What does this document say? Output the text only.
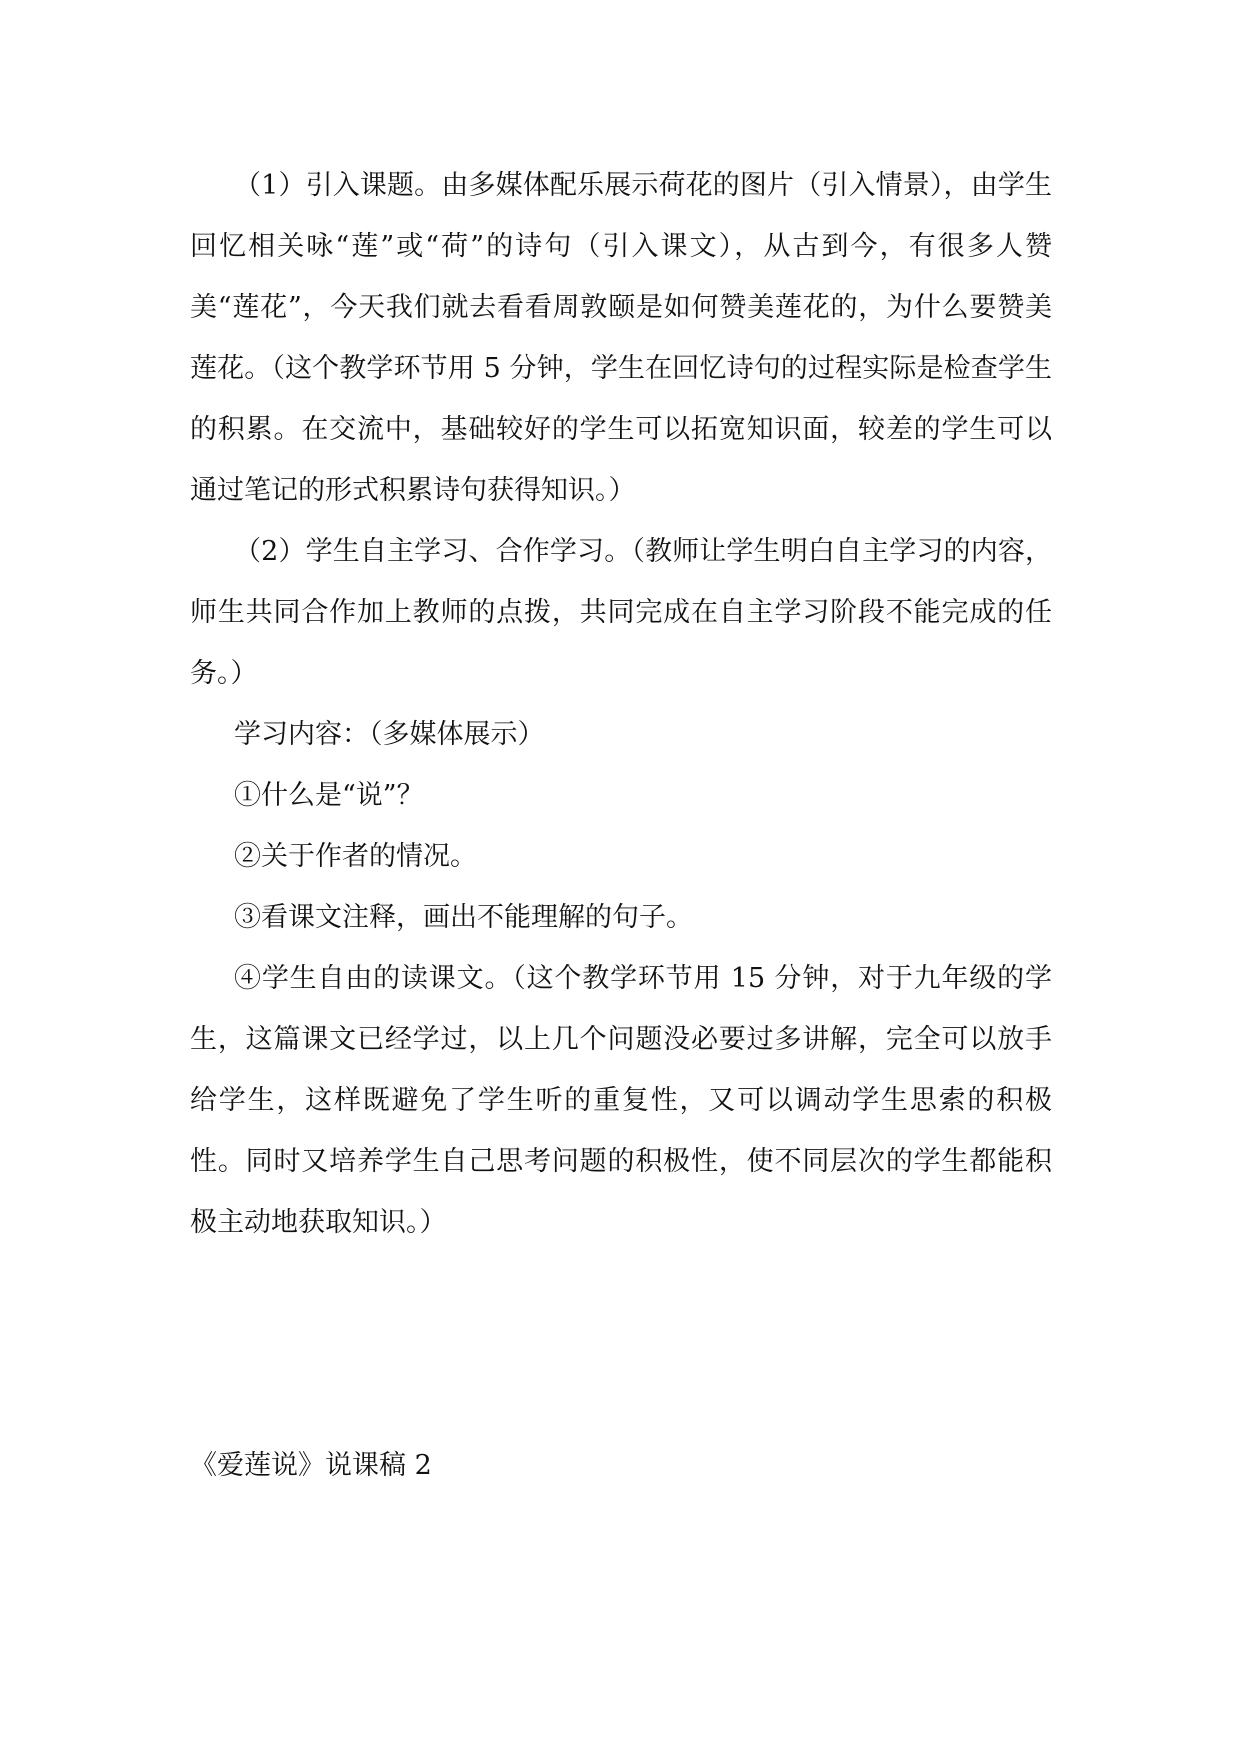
（1）引入课题。由多媒体配乐展示荷花的图片（引入情景），由学生回忆相关咏“莲”或“荷”的诗句（引入课文），从古到今，有很多人赞美“莲花”，今天我们就去看看周敦颐是如何赞美莲花的，为什么要赞美莲花。（这个教学环节用 5 分钟，学生在回忆诗句的过程实际是检查学生的积累。在交流中，基础较好的学生可以拓宽知识面，较差的学生可以通过笔记的形式积累诗句获得知识。）

（2）学生自主学习、合作学习。（教师让学生明白自主学习的内容，师生共同合作加上教师的点拨，共同完成在自主学习阶段不能完成的任务。）

学习内容：（多媒体展示）

①什么是“说”？

②关于作者的情况。

③看课文注释，画出不能理解的句子。

④学生自由的读课文。（这个教学环节用 15 分钟，对于九年级的学生，这篇课文已经学过，以上几个问题没必要过多讲解，完全可以放手给学生，这样既避免了学生听的重复性，又可以调动学生思索的积极性。同时又培养学生自己思考问题的积极性，使不同层次的学生都能积极主动地获取知识。）

《爱莲说》说课稿 2
